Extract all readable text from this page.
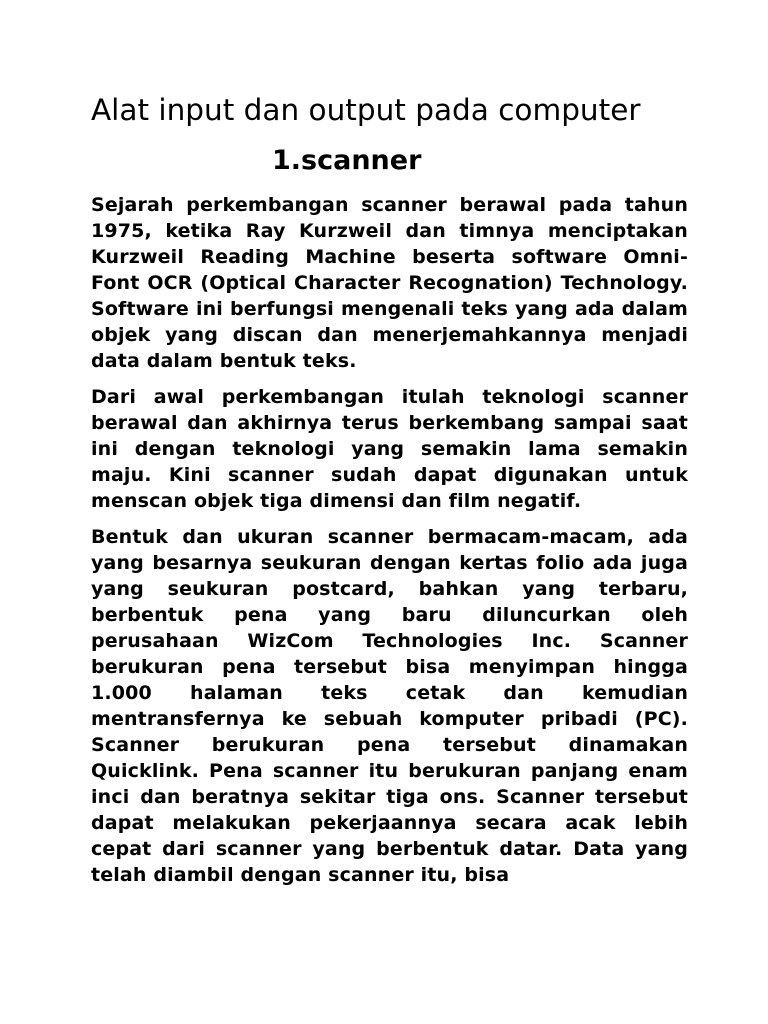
Alat input dan output pada computer
1.scanner

Sejarah perkembangan scanner berawal pada tahun 1975, ketika Ray Kurzweil dan timnya menciptakan Kurzweil Reading Machine beserta software Omni-Font OCR (Optical Character Recognation) Technology. Software ini berfungsi mengenali teks yang ada dalam objek yang discan dan menerjemahkannya menjadi data dalam bentuk teks.

Dari awal perkembangan itulah teknologi scanner berawal dan akhirnya terus berkembang sampai saat ini dengan teknologi yang semakin lama semakin maju. Kini scanner sudah dapat digunakan untuk menscan objek tiga dimensi dan film negatif.

Bentuk dan ukuran scanner bermacam-macam, ada yang besarnya seukuran dengan kertas folio ada juga yang seukuran postcard, bahkan yang terbaru, berbentuk pena yang baru diluncurkan oleh perusahaan WizCom Technologies Inc. Scanner berukuran pena tersebut bisa menyimpan hingga 1.000 halaman teks cetak dan kemudian mentransfernya ke sebuah komputer pribadi (PC). Scanner berukuran pena tersebut dinamakan Quicklink. Pena scanner itu berukuran panjang enam inci dan beratnya sekitar tiga ons. Scanner tersebut dapat melakukan pekerjaannya secara acak lebih cepat dari scanner yang berbentuk datar. Data yang telah diambil dengan scanner itu, bisa
